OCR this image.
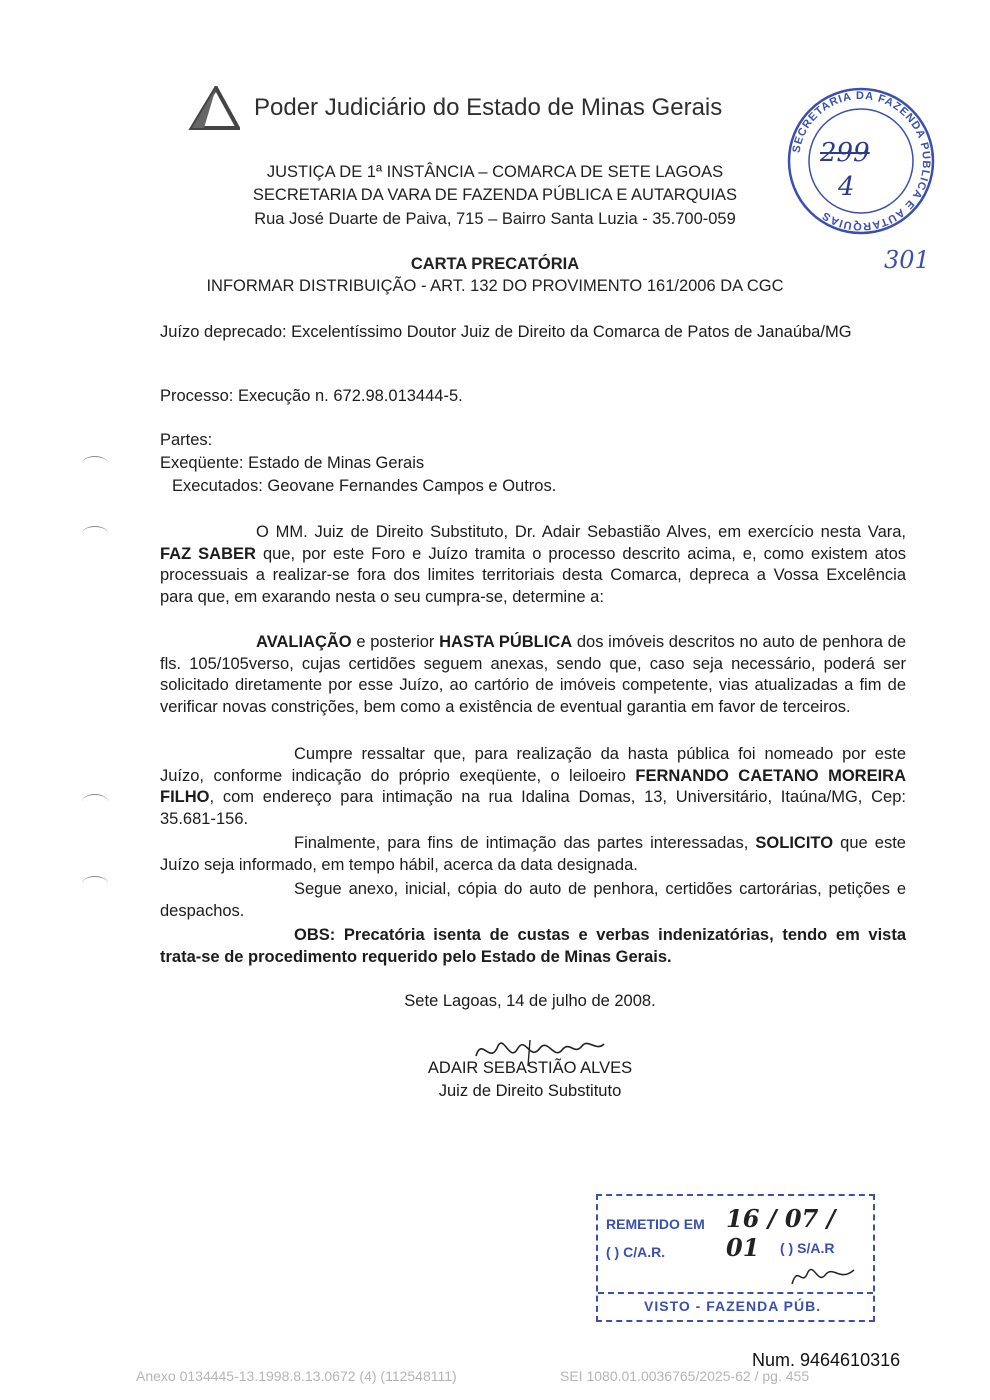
Poder Judiciário do Estado de Minas Gerais
JUSTIÇA DE 1ª INSTÂNCIA – COMARCA DE SETE LAGOAS
SECRETARIA DA VARA DE FAZENDA PÚBLICA E AUTARQUIAS
Rua José Duarte de Paiva, 715 – Bairro Santa Luzia - 35.700-059
CARTA PRECATÓRIA
INFORMAR DISTRIBUIÇÃO - ART. 132 DO PROVIMENTO 161/2006 DA CGC
SECRETARIA DA FAZENDA PÚBLICA E AUTARQUIAS
299
4
301
Juízo deprecado: Excelentíssimo Doutor Juiz de Direito da Comarca de Patos de Janaúba/MG
Processo: Execução n. 672.98.013444-5.
Partes:
Exeqüente: Estado de Minas Gerais
Executados: Geovane Fernandes Campos e Outros.
O MM. Juiz de Direito Substituto, Dr. Adair Sebastião Alves, em exercício nesta Vara, FAZ SABER que, por este Foro e Juízo tramita o processo descrito acima, e, como existem atos processuais a realizar-se fora dos limites territoriais desta Comarca, depreca a Vossa Excelência para que, em exarando nesta o seu cumpra-se, determine a:
AVALIAÇÃO e posterior HASTA PÚBLICA dos imóveis descritos no auto de penhora de fls. 105/105verso, cujas certidões seguem anexas, sendo que, caso seja necessário, poderá ser solicitado diretamente por esse Juízo, ao cartório de imóveis competente, vias atualizadas a fim de verificar novas constrições, bem como a existência de eventual garantia em favor de terceiros.
Cumpre ressaltar que, para realização da hasta pública foi nomeado por este Juízo, conforme indicação do próprio exeqüente, o leiloeiro FERNANDO CAETANO MOREIRA FILHO, com endereço para intimação na rua Idalina Domas, 13, Universitário, Itaúna/MG, Cep: 35.681-156.
Finalmente, para fins de intimação das partes interessadas, SOLICITO que este Juízo seja informado, em tempo hábil, acerca da data designada.
Segue anexo, inicial, cópia do auto de penhora, certidões cartorárias, petições e despachos.
OBS: Precatória isenta de custas e verbas indenizatórias, tendo em vista trata-se de procedimento requerido pelo Estado de Minas Gerais.
Sete Lagoas, 14 de julho de 2008.
ADAIR SEBASTIÃO ALVES
Juiz de Direito Substituto
REMETIDO EM 16 / 07 / 01
( ) C/A.R.	( ) S/A.R
VISTO - FAZENDA PÚB.
Num. 9464610316
Anexo 0134445-13.1998.8.13.0672 (4) (112548111)	SEI 1080.01.0036765/2025-62 / pg. 455
